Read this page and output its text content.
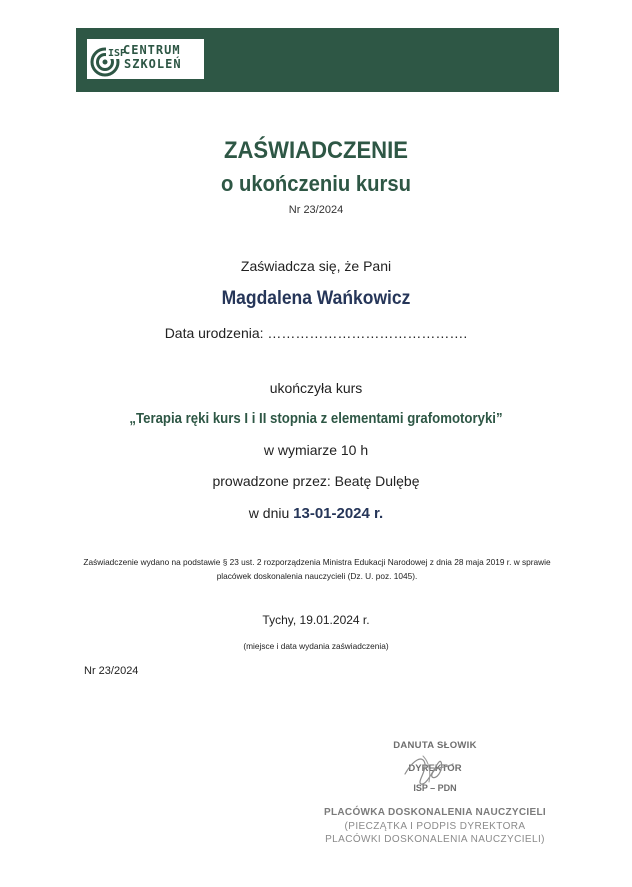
ISP
CENTRUM
SZKOLEŃ
ZAŚWIADCZENIE
o ukończeniu kursu
Nr 23/2024
Zaświadcza się, że Pani
Magdalena Wańkowicz
Data urodzenia: …………………………………….
ukończyła kurs
„Terapia ręki kurs I i II stopnia z elementami grafomotoryki”
w wymiarze 10 h
prowadzone przez: Beatę Dulębę
w dniu 13-01-2024 r.
Zaświadczenie wydano na podstawie § 23 ust. 2 rozporządzenia Ministra Edukacji Narodowej z dnia 28 maja 2019 r. w sprawie placówek doskonalenia nauczycieli (Dz. U. poz. 1045).
Tychy, 19.01.2024 r.
(miejsce i data wydania zaświadczenia)
Nr 23/2024
DANUTA SŁOWIK
DYREKTOR
ISP – PDN
PLACÓWKA DOSKONALENIA NAUCZYCIELI
(PIECZĄTKA I PODPIS DYREKTORA
PLACÓWKI DOSKONALENIA NAUCZYCIELI)
